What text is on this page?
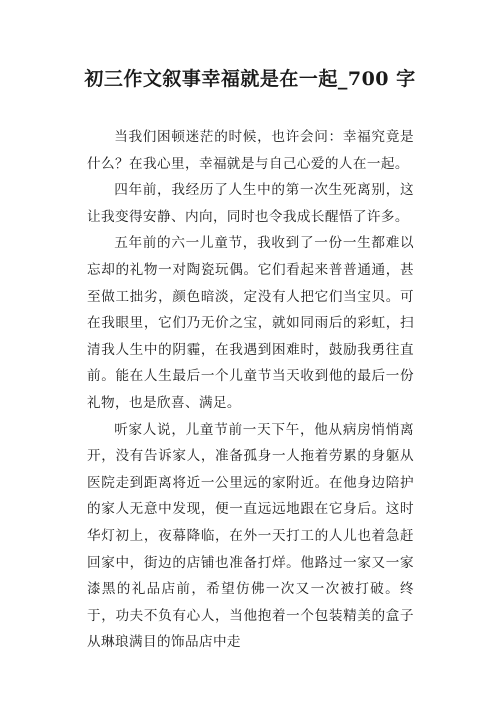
初三作文叙事幸福就是在一起_700 字

当我们困顿迷茫的时候，也许会问：幸福究竟是什么？在我心里，幸福就是与自己心爱的人在一起。

四年前，我经历了人生中的第一次生死离别，这让我变得安静、内向，同时也令我成长醒悟了许多。

五年前的六一儿童节，我收到了一份一生都难以忘却的礼物一对陶瓷玩偶。它们看起来普普通通，甚至做工拙劣，颜色暗淡，定没有人把它们当宝贝。可在我眼里，它们乃无价之宝，就如同雨后的彩虹，扫清我人生中的阴霾，在我遇到困难时，鼓励我勇往直前。能在人生最后一个儿童节当天收到他的最后一份礼物，也是欣喜、满足。

听家人说，儿童节前一天下午，他从病房悄悄离开，没有告诉家人，准备孤身一人拖着劳累的身躯从医院走到距离将近一公里远的家附近。在他身边陪护的家人无意中发现，便一直远远地跟在它身后。这时华灯初上，夜幕降临，在外一天打工的人儿也着急赶回家中，街边的店铺也准备打烊。他路过一家又一家漆黑的礼品店前，希望仿佛一次又一次被打破。终于，功夫不负有心人，当他抱着一个包装精美的盒子从琳琅满目的饰品店中走
